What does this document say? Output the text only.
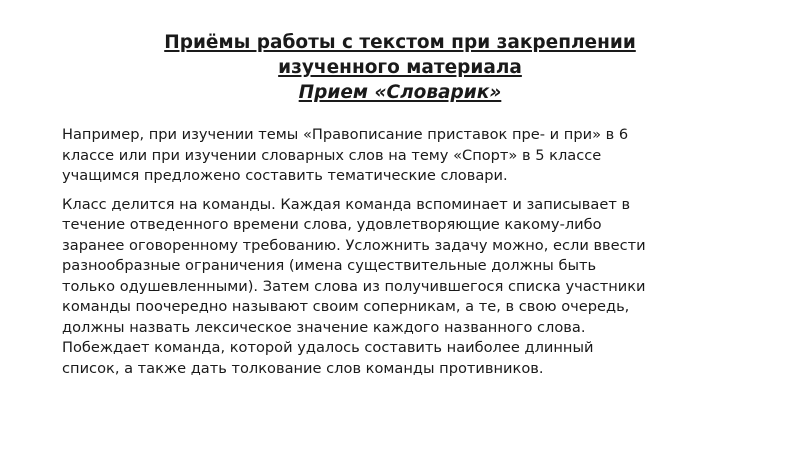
Приёмы работы с текстом при закреплении
изученного материала
Прием «Словарик»

Например, при изучении темы «Правописание приставок пре- и при» в 6
классе или при изучении словарных слов на тему «Спорт» в 5 классе
учащимся предложено составить тематические словари.

Класс делится на команды. Каждая команда вспоминает и записывает в
течение отведенного времени слова, удовлетворяющие какому-либо
заранее оговоренному требованию. Усложнить задачу можно, если ввести
разнообразные ограничения (имена существительные должны быть
только одушевленными). Затем слова из получившегося списка участники
команды поочередно называют своим соперникам, а те, в свою очередь,
должны назвать лексическое значение каждого названного слова.
Побеждает команда, которой удалось составить наиболее длинный
список, а также дать толкование слов команды противников.
